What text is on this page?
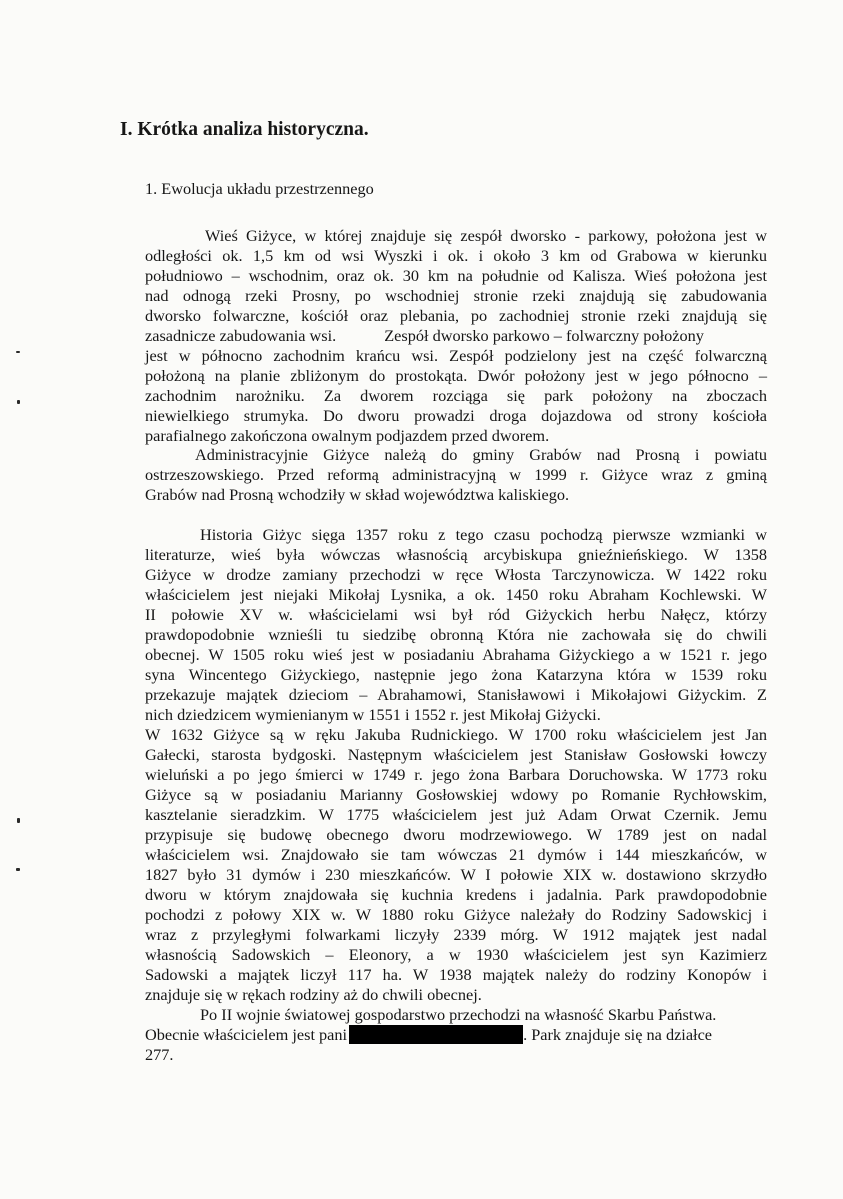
I. Krótka analiza historyczna.
1. Ewolucja układu przestrzennego
Wieś Giżyce, w której znajduje się zespół dworsko - parkowy, położona jest w
odległości ok. 1,5 km od wsi Wyszki i ok. i około 3 km od Grabowa w kierunku
południowo – wschodnim, oraz ok. 30 km na południe od Kalisza. Wieś położona jest
nad odnogą rzeki Prosny, po wschodniej stronie rzeki znajdują się zabudowania
dworsko folwarczne, kościół oraz plebania, po zachodniej stronie rzeki znajdują się
zasadnicze zabudowania wsi.	Zespół dworsko parkowo – folwarczny położony
jest w północno zachodnim krańcu wsi. Zespół podzielony jest na część folwarczną
położoną na planie zbliżonym do prostokąta. Dwór położony jest w jego północno –
zachodnim narożniku. Za dworem rozciąga się park położony na zboczach
niewielkiego strumyka. Do dworu prowadzi droga dojazdowa od strony kościoła
parafialnego zakończona owalnym podjazdem przed dworem.
Administracyjnie Giżyce należą do gminy Grabów nad Prosną i powiatu
ostrzeszowskiego. Przed reformą administracyjną w 1999 r. Giżyce wraz z gminą
Grabów nad Prosną wchodziły w skład województwa kaliskiego.
Historia Giżyc sięga 1357 roku z tego czasu pochodzą pierwsze wzmianki w
literaturze, wieś była wówczas własnością arcybiskupa gnieźnieńskiego. W 1358
Giżyce w drodze zamiany przechodzi w ręce Włosta Tarczynowicza. W 1422 roku
właścicielem jest niejaki Mikołaj Lysnika, a ok. 1450 roku Abraham Kochlewski. W
II połowie XV w. właścicielami wsi był ród Giżyckich herbu Nałęcz, którzy
prawdopodobnie wznieśli tu siedzibę obronną Która nie zachowała się do chwili
obecnej. W 1505 roku wieś jest w posiadaniu Abrahama Giżyckiego a w 1521 r. jego
syna Wincentego Giżyckiego, następnie jego żona Katarzyna która w 1539 roku
przekazuje majątek dzieciom – Abrahamowi, Stanisławowi i Mikołajowi Giżyckim. Z
nich dziedzicem wymienianym w 1551 i 1552 r. jest Mikołaj Giżycki.
W 1632 Giżyce są w ręku Jakuba Rudnickiego. W 1700 roku właścicielem jest Jan
Gałecki, starosta bydgoski. Następnym właścicielem jest Stanisław Gosłowski łowczy
wieluński a po jego śmierci w 1749 r. jego żona Barbara Doruchowska. W 1773 roku
Giżyce są w posiadaniu Marianny Gosłowskiej wdowy po Romanie Rychłowskim,
kasztelanie sieradzkim. W 1775 właścicielem jest już Adam Orwat Czernik. Jemu
przypisuje się budowę obecnego dworu modrzewiowego. W 1789 jest on nadal
właścicielem wsi. Znajdowało sie tam wówczas 21 dymów i 144 mieszkańców, w
1827 było 31 dymów i 230 mieszkańców. W I połowie XIX w. dostawiono skrzydło
dworu w którym znajdowała się kuchnia kredens i jadalnia. Park prawdopodobnie
pochodzi z połowy XIX w. W 1880 roku Giżyce należały do Rodziny Sadowskicj i
wraz z przyległymi folwarkami liczyły 2339 mórg. W 1912 majątek jest nadal
własnością Sadowskich – Eleonory, a w 1930 właścicielem jest syn Kazimierz
Sadowski a majątek liczył 117 ha. W 1938 majątek należy do rodziny Konopów i
znajduje się w rękach rodziny aż do chwili obecnej.
Po II wojnie światowej gospodarstwo przechodzi na własność Skarbu Państwa.
Obecnie właścicielem jest pani	. Park znajduje się na działce
277.
